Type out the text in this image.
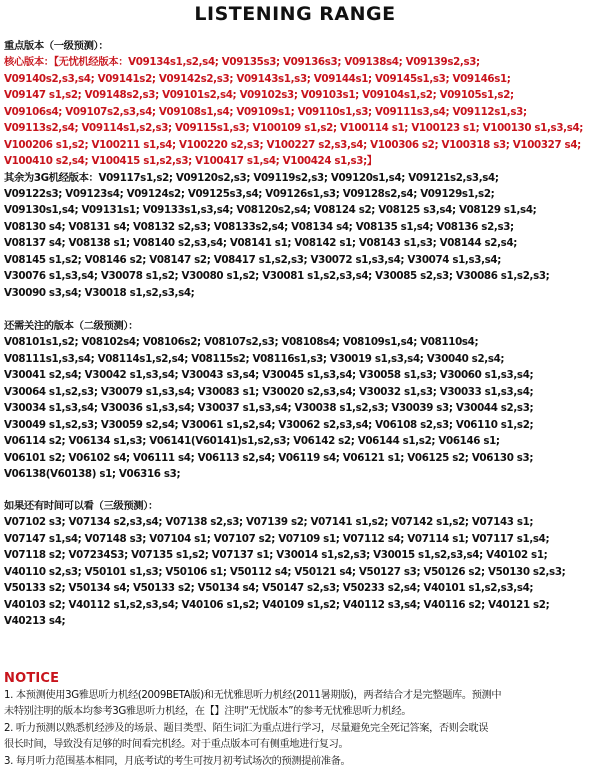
LISTENING RANGE
重点版本（一级预测）：
核心版本：【无忧机经版本：V09134s1,s2,s4; V09135s3; V09136s3; V09138s4; V09139s2,s3;
V09140s2,s3,s4; V09141s2; V09142s2,s3; V09143s1,s3; V09144s1; V09145s1,s3; V09146s1;
V09147 s1,s2; V09148s2,s3; V09101s2,s4; V09102s3; V09103s1; V09104s1,s2; V09105s1,s2;
V09106s4; V09107s2,s3,s4; V09108s1,s4; V09109s1; V09110s1,s3; V09111s3,s4; V09112s1,s3;
V09113s2,s4; V09114s1,s2,s3; V09115s1,s3; V100109 s1,s2; V100114 s1; V100123 s1; V100130 s1,s3,s4;
V100206 s1,s2; V100211 s1,s4; V100220 s2,s3; V100227 s2,s3,s4; V100306 s2; V100318 s3; V100327 s4;
V100410 s2,s4; V100415 s1,s2,s3; V100417 s1,s4; V100424 s1,s3;】
其余为3G机经版本：V09117s1,s2; V09120s2,s3; V09119s2,s3; V09120s1,s4; V09121s2,s3,s4;
V09122s3; V09123s4; V09124s2; V09125s3,s4; V09126s1,s3; V09128s2,s4; V09129s1,s2;
V09130s1,s4; V09131s1; V09133s1,s3,s4; V08120s2,s4; V08124 s2; V08125 s3,s4; V08129 s1,s4;
V08130 s4; V08131 s4; V08132 s2,s3; V08133s2,s4; V08134 s4; V08135 s1,s4; V08136 s2,s3;
V08137 s4; V08138 s1; V08140 s2,s3,s4; V08141 s1; V08142 s1; V08143 s1,s3; V08144 s2,s4;
V08145 s1,s2; V08146 s2; V08147 s2; V08417 s1,s2,s3; V30072 s1,s3,s4; V30074 s1,s3,s4;
V30076 s1,s3,s4; V30078 s1,s2; V30080 s1,s2; V30081 s1,s2,s3,s4; V30085 s2,s3; V30086 s1,s2,s3;
V30090 s3,s4; V30018 s1,s2,s3,s4;
还需关注的版本（二级预测）：
V08101s1,s2; V08102s4; V08106s2; V08107s2,s3; V08108s4; V08109s1,s4; V08110s4;
V08111s1,s3,s4; V08114s1,s2,s4; V08115s2; V08116s1,s3; V30019 s1,s3,s4; V30040 s2,s4;
V30041 s2,s4; V30042 s1,s3,s4; V30043 s3,s4; V30045 s1,s3,s4; V30058 s1,s3; V30060 s1,s3,s4;
V30064 s1,s2,s3; V30079 s1,s3,s4; V30083 s1; V30020 s2,s3,s4; V30032 s1,s3; V30033 s1,s3,s4;
V30034 s1,s3,s4; V30036 s1,s3,s4; V30037 s1,s3,s4; V30038 s1,s2,s3; V30039 s3; V30044 s2,s3;
V30049 s1,s2,s3; V30059 s2,s4; V30061 s1,s2,s4; V30062 s2,s3,s4; V06108 s2,s3; V06110 s1,s2;
V06114 s2; V06134 s1,s3; V06141(V60141)s1,s2,s3; V06142 s2; V06144 s1,s2; V06146 s1;
V06101 s2; V06102 s4; V06111 s4; V06113 s2,s4; V06119 s4; V06121 s1; V06125 s2; V06130 s3;
V06138(V60138) s1; V06316 s3;
如果还有时间可以看（三级预测）：
V07102 s3; V07134 s2,s3,s4; V07138 s2,s3; V07139 s2; V07141 s1,s2; V07142 s1,s2; V07143 s1;
V07147 s1,s4; V07148 s3; V07104 s1; V07107 s2; V07109 s1; V07112 s4; V07114 s1; V07117 s1,s4;
V07118 s2; V07234S3; V07135 s1,s2; V07137 s1; V30014 s1,s2,s3; V30015 s1,s2,s3,s4; V40102 s1;
V40110 s2,s3; V50101 s1,s3; V50106 s1; V50112 s4; V50121 s4; V50127 s3; V50126 s2; V50130 s2,s3;
V50133 s2; V50134 s4; V50133 s2; V50134 s4; V50147 s2,s3; V50233 s2,s4; V40101 s1,s2,s3,s4;
V40103 s2; V40112 s1,s2,s3,s4; V40106 s1,s2; V40109 s1,s2; V40112 s3,s4; V40116 s2; V40121 s2;
V40213 s4;
NOTICE
1. 本预测使用3G雅思听力机经(2009BETA版)和无忧雅思听力机经(2011暑期版)，两者结合才是完整题库。预测中
未特别注明的版本均参考3G雅思听力机经，在【】注明“无忧版本”的参考无忧雅思听力机经。
2. 听力预测以熟悉机经涉及的场景、题目类型、陌生词汇为重点进行学习，尽量避免完全死记答案，否则会耽误
很长时间，导致没有足够的时间看完机经。对于重点版本可有侧重地进行复习。
3. 每月听力范围基本相同，月底考试的考生可按月初考试场次的预测提前准备。
